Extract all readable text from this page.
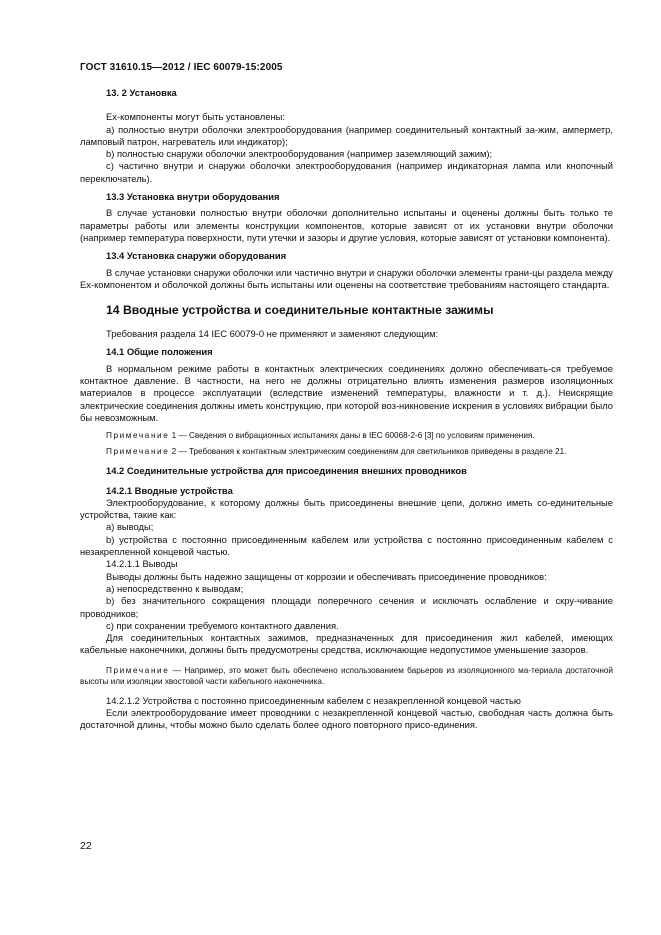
ГОСТ 31610.15—2012 / IEC 60079-15:2005

13. 2 Установка

Ex-компоненты могут быть установлены:

a) полностью внутри оболочки электрооборудования (например соединительный контактный за-жим, амперметр, ламповый патрон, нагреватель или индикатор);

b) полностью снаружи оболочки электрооборудования (например заземляющий зажим);

c) частично внутри и снаружи оболочки электрооборудования (например индикаторная лампа или кнопочный переключатель).

13.3 Установка внутри оборудования

В случае установки полностью внутри оболочки дополнительно испытаны и оценены должны быть только те параметры работы или элементы конструкции компонентов, которые зависят от их установки внутри оболочки (например температура поверхности, пути утечки и зазоры и другие условия, которые зависят от установки компонента).

13.4 Установка снаружи оборудования

В случае установки снаружи оболочки или частично внутри и снаружи оболочки элементы грани-цы раздела между Ex-компонентом и оболочкой должны быть испытаны или оценены на соответствие требованиям настоящего стандарта.

14 Вводные устройства и соединительные контактные зажимы

Требования раздела 14 IEC 60079-0 не применяют и заменяют следующим:

14.1 Общие положения

В нормальном режиме работы в контактных электрических соединениях должно обеспечивать-ся требуемое контактное давление. В частности, на него не должны отрицательно влиять изменения размеров изоляционных материалов в процессе эксплуатации (вследствие изменений температуры, влажности и т. д.). Неискрящие электрические соединения должны иметь конструкцию, при которой воз-никновение искрения в условиях вибрации было бы невозможным.

Примечание 1 — Сведения о вибрационных испытаниях даны в IEC 60068-2-6 [3] по условиям применения.

Примечание 2 — Требования к контактным электрическим соединениям для светильников приведены в разделе 21.

14.2 Соединительные устройства для присоединения внешних проводников

14.2.1 Вводные устройства

Электрооборудование, к которому должны быть присоединены внешние цепи, должно иметь со-единительные устройства, такие как:

a) выводы;

b) устройства с постоянно присоединенным кабелем или устройства с постоянно присоединенным кабелем с незакрепленной концевой частью.

14.2.1.1 Выводы

Выводы должны быть надежно защищены от коррозии и обеспечивать присоединение проводников:

a) непосредственно к выводам;

b) без значительного сокращения площади поперечного сечения и исключать ослабление и скру-чивание проводников;

c) при сохранении требуемого контактного давления.

Для соединительных контактных зажимов, предназначенных для присоединения жил кабелей, имеющих кабельные наконечники, должны быть предусмотрены средства, исключающие недопустимое уменьшение зазоров.

Примечание — Например, это может быть обеспечено использованием барьеров из изоляционного ма-териала достаточной высоты или изоляции хвостовой части кабельного наконечника.

14.2.1.2 Устройства с постоянно присоединенным кабелем с незакрепленной концевой частью

Если электрооборудование имеет проводники с незакрепленной концевой частью, свободная часть должна быть достаточной длины, чтобы можно было сделать более одного повторного присо-единения.

22
